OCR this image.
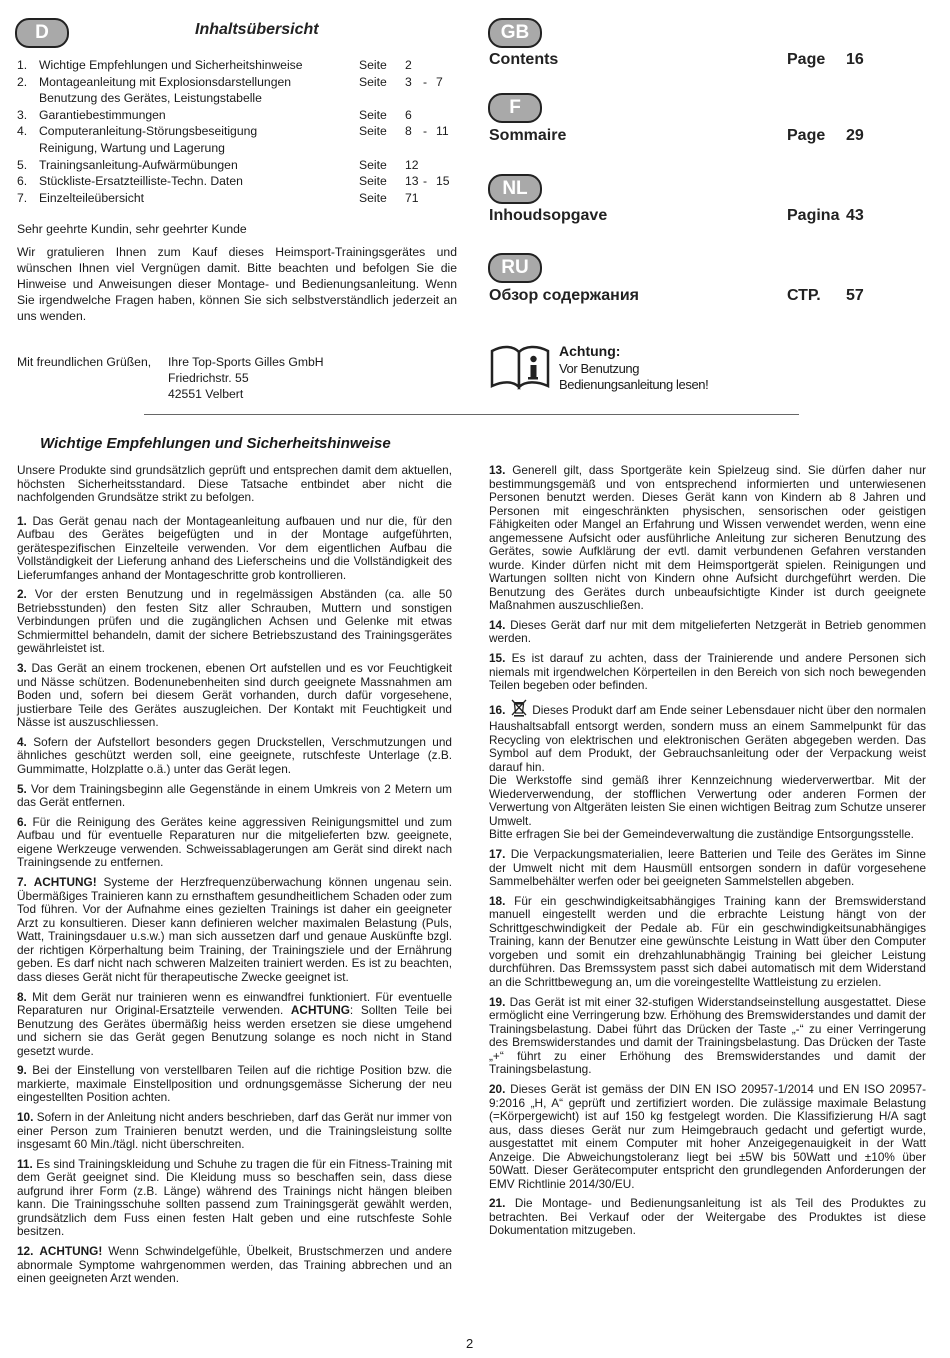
D	Inhaltsübersicht
1. Wichtige Empfehlungen und Sicherheitshinweise	Seite 2
2. Montageanleitung mit Explosionsdarstellungen	Seite 3 - 7
Benutzung des Gerätes, Leistungstabelle
3. Garantiebestimmungen	Seite 6
4. Computeranleitung-Störungsbeseitigung	Seite 8 - 11
Reinigung, Wartung und Lagerung
5. Trainingsanleitung-Aufwärmübungen	Seite 12
6. Stückliste-Ersatzteilliste-Techn. Daten	Seite 13 - 15
7. Einzelteileübersicht	Seite 71
Sehr geehrte Kundin, sehr geehrter Kunde
Wir gratulieren Ihnen zum Kauf dieses Heimsport-Trainingsgerätes und wünschen Ihnen viel Vergnügen damit. Bitte beachten und befolgen Sie die Hinweise und Anweisungen dieser Montage- und Bedienungsanleitung. Wenn Sie irgendwelche Fragen haben, können Sie sich selbstverständlich jederzeit an uns wenden.
Mit freundlichen Grüßen, Ihre Top-Sports Gilles GmbH
Friedrichstr. 55
42551 Velbert
GB
Contents	Page 16
F
Sommaire	Page 29
NL
Inhoudsopgave	Pagina 43
RU
Обзор содержания	СТР. 57
Achtung:
Vor Benutzung
Bedienungsanleitung lesen!
Wichtige Empfehlungen und Sicherheitshinweise

Unsere Produkte sind grundsätzlich geprüft und entsprechen damit dem aktuellen, höchsten Sicherheitsstandard. Diese Tatsache entbindet aber nicht die nachfolgenden Grundsätze strikt zu befolgen.

1. Das Gerät genau nach der Montageanleitung aufbauen und nur die, für den Aufbau des Gerätes beigefügten und in der Montage aufgeführten, gerätespezifischen Einzelteile verwenden. Vor dem eigentlichen Aufbau die Vollständigkeit der Lieferung anhand des Lieferscheins und die Vollständigkeit des Lieferumfanges anhand der Montageschritte grob kontrollieren.

2. Vor der ersten Benutzung und in regelmässigen Abständen (ca. alle 50 Betriebsstunden) den festen Sitz aller Schrauben, Muttern und sonstigen Verbindungen prüfen und die zugänglichen Achsen und Gelenke mit etwas Schmiermittel behandeln, damit der sichere Betriebszustand des Trainingsgerätes gewährleistet ist.

3. Das Gerät an einem trockenen, ebenen Ort aufstellen und es vor Feuchtigkeit und Nässe schützen. Bodenunebenheiten sind durch geeignete Massnahmen am Boden und, sofern bei diesem Gerät vorhanden, durch dafür vorgesehene, justierbare Teile des Gerätes auszugleichen. Der Kontakt mit Feuchtigkeit und Nässe ist auszuschliessen.

4. Sofern der Aufstellort besonders gegen Druckstellen, Verschmutzungen und ähnliches geschützt werden soll, eine geeignete, rutschfeste Unterlage (z.B. Gummimatte, Holzplatte o.ä.) unter das Gerät legen.

5. Vor dem Trainingsbeginn alle Gegenstände in einem Umkreis von 2 Metern um das Gerät entfernen.

6. Für die Reinigung des Gerätes keine aggressiven Reinigungsmittel und zum Aufbau und für eventuelle Reparaturen nur die mitgelieferten bzw. geeignete, eigene Werkzeuge verwenden. Schweissablagerungen am Gerät sind direkt nach Trainingsende zu entfernen.

7. ACHTUNG! Systeme der Herzfrequenzüberwachung können ungenau sein. Übermäßiges Trainieren kann zu ernsthaftem gesundheitlichem Schaden oder zum Tod führen. Vor der Aufnahme eines gezielten Trainings ist daher ein geeigneter Arzt zu konsultieren. Dieser kann definieren welcher maximalen Belastung (Puls, Watt, Trainingsdauer u.s.w.) man sich aussetzen darf und genaue Auskünfte bzgl. der richtigen Körperhaltung beim Training, der Trainingsziele und der Ernährung geben. Es darf nicht nach schweren Malzeiten trainiert werden. Es ist zu beachten, dass dieses Gerät nicht für therapeutische Zwecke geeignet ist.

8. Mit dem Gerät nur trainieren wenn es einwandfrei funktioniert. Für eventuelle Reparaturen nur Original-Ersatzteile verwenden. ACHTUNG: Sollten Teile bei Benutzung des Gerätes übermäßig heiss werden ersetzen sie diese umgehend und sichern sie das Gerät gegen Benutzung solange es noch nicht in Stand gesetzt wurde.

9. Bei der Einstellung von verstellbaren Teilen auf die richtige Position bzw. die markierte, maximale Einstellposition und ordnungsgemässe Sicherung der neu eingestellten Position achten.

10. Sofern in der Anleitung nicht anders beschrieben, darf das Gerät nur immer von einer Person zum Trainieren benutzt werden, und die Trainingsleistung sollte insgesamt 60 Min./tägl. nicht überschreiten.

11. Es sind Trainingskleidung und Schuhe zu tragen die für ein Fitness-Training mit dem Gerät geeignet sind. Die Kleidung muss so beschaffen sein, dass diese aufgrund ihrer Form (z.B. Länge) während des Trainings nicht hängen bleiben kann. Die Trainingsschuhe sollten passend zum Trainingsgerät gewählt werden, grundsätzlich dem Fuss einen festen Halt geben und eine rutschfeste Sohle besitzen.

12. ACHTUNG! Wenn Schwindelgefühle, Übelkeit, Brustschmerzen und andere abnormale Symptome wahrgenommen werden, das Training abbrechen und an einen geeigneten Arzt wenden.

13. Generell gilt, dass Sportgeräte kein Spielzeug sind. Sie dürfen daher nur bestimmungsgemäß und von entsprechend informierten und unterwiesenen Personen benutzt werden. Dieses Gerät kann von Kindern ab 8 Jahren und Personen mit eingeschränkten physischen, sensorischen oder geistigen Fähigkeiten oder Mangel an Erfahrung und Wissen verwendet werden, wenn eine angemessene Aufsicht oder ausführliche Anleitung zur sicheren Benutzung des Gerätes, sowie Aufklärung der evtl. damit verbundenen Gefahren verstanden wurde. Kinder dürfen nicht mit dem Heimsportgerät spielen. Reinigungen und Wartungen sollten nicht von Kindern ohne Aufsicht durchgeführt werden. Die Benutzung des Gerätes durch unbeaufsichtigte Kinder ist durch geeignete Maßnahmen auszuschließen.

14. Dieses Gerät darf nur mit dem mitgelieferten Netzgerät in Betrieb genommen werden.

15. Es ist darauf zu achten, dass der Trainierende und andere Personen sich niemals mit irgendwelchen Körperteilen in den Bereich von sich noch bewegenden Teilen begeben oder befinden.

16. Dieses Produkt darf am Ende seiner Lebensdauer nicht über den normalen Haushaltsabfall entsorgt werden, sondern muss an einem Sammelpunkt für das Recycling von elektrischen und elektronischen Geräten abgegeben werden. Das Symbol auf dem Produkt, der Gebrauchsanleitung oder der Verpackung weist darauf hin.

Die Werkstoffe sind gemäß ihrer Kennzeichnung wiederverwertbar. Mit der Wiederverwendung, der stofflichen Verwertung oder anderen Formen der Verwertung von Altgeräten leisten Sie einen wichtigen Beitrag zum Schutze unserer Umwelt.

Bitte erfragen Sie bei der Gemeindeverwaltung die zuständige Entsorgungsstelle.

17. Die Verpackungsmaterialien, leere Batterien und Teile des Gerätes im Sinne der Umwelt nicht mit dem Hausmüll entsorgen sondern in dafür vorgesehene Sammelbehälter werfen oder bei geeigneten Sammelstellen abgeben.

18. Für ein geschwindigkeitsabhängiges Training kann der Bremswiderstand manuell eingestellt werden und die erbrachte Leistung hängt von der Schrittgeschwindigkeit der Pedale ab. Für ein geschwindigkeitsunabhängiges Training, kann der Benutzer eine gewünschte Leistung in Watt über den Computer vorgeben und somit ein drehzahlunabhängig Training bei gleicher Leistung durchführen. Das Bremssystem passt sich dabei automatisch mit dem Widerstand an die Schrittbewegung an, um die voreingestellte Wattleistung zu erzielen.

19. Das Gerät ist mit einer 32-stufigen Widerstandseinstellung ausgestattet. Diese ermöglicht eine Verringerung bzw. Erhöhung des Bremswiderstandes und damit der Trainingsbelastung. Dabei führt das Drücken der Taste „-“ zu einer Verringerung des Bremswiderstandes und damit der Trainingsbelastung. Das Drücken der Taste „+“ führt zu einer Erhöhung des Bremswiderstandes und damit der Trainingsbelastung.

20. Dieses Gerät ist gemäss der DIN EN ISO 20957-1/2014 und EN ISO 20957-9:2016 „H, A“ geprüft und zertifiziert worden. Die zulässige maximale Belastung (=Körpergewicht) ist auf 150 kg festgelegt worden. Die Klassifizierung H/A sagt aus, dass dieses Gerät nur zum Heimgebrauch gedacht und gefertigt wurde, ausgestattet mit einem Computer mit hoher Anzeigegenauigkeit in der Watt Anzeige. Die Abweichungstoleranz liegt bei ±5W bis 50Watt und ±10% über 50Watt. Dieser Gerätecomputer entspricht den grundlegenden Anforderungen der EMV Richtlinie 2014/30/EU.

21. Die Montage- und Bedienungsanleitung ist als Teil des Produktes zu betrachten. Bei Verkauf oder der Weitergabe des Produktes ist diese Dokumentation mitzugeben.

2
